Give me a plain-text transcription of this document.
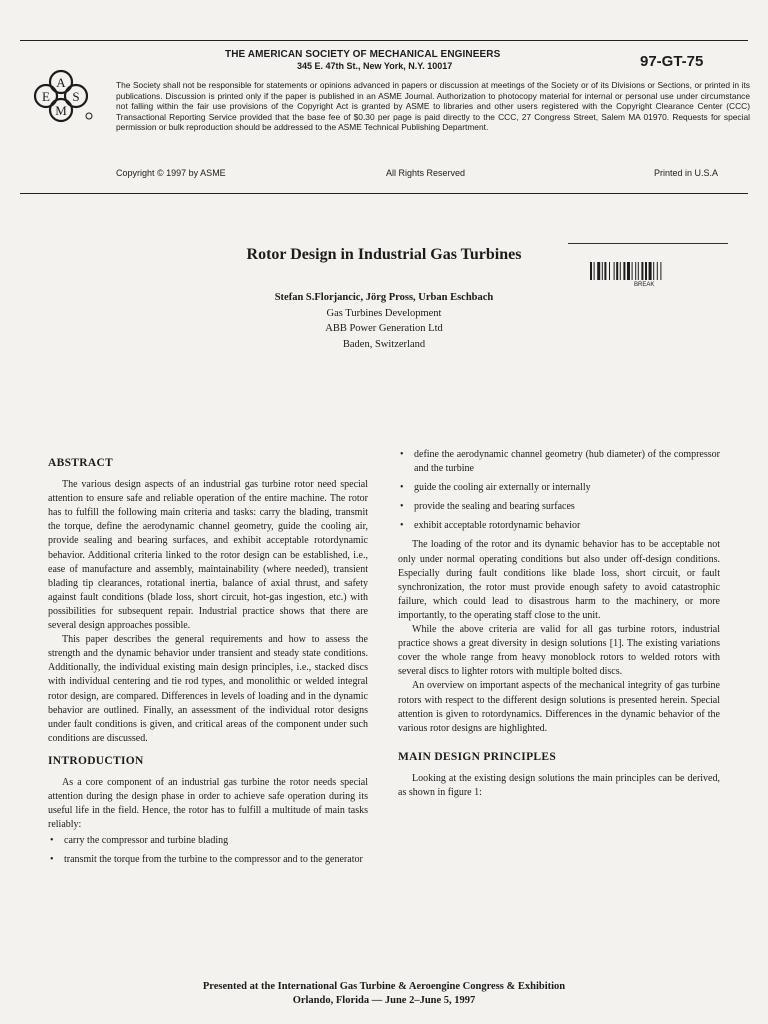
A
E S
M
THE AMERICAN SOCIETY OF MECHANICAL ENGINEERS
345 E. 47th St., New York, N.Y. 10017	97-GT-75
The Society shall not be responsible for statements or opinions advanced in papers or discussion at meetings of the Society or of its Divisions or Sections, or printed in its publications. Discussion is printed only if the paper is published in an ASME Journal. Authorization to photocopy material for internal or personal use under circumstance not falling within the fair use provisions of the Copyright Act is granted by ASME to libraries and other users registered with the Copyright Clearance Center (CCC) Transactional Reporting Service provided that the base fee of $0.30 per page is paid directly to the CCC, 27 Congress Street, Salem MA 01970. Requests for special permission or bulk reproduction should be addressed to the ASME Technical Publishing Department.
Copyright © 1997 by ASME	All Rights Reserved	Printed in U.S.A
Rotor Design in Industrial Gas Turbines
BREAK
Stefan S.Florjancic, Jörg Pross, Urban Eschbach
Gas Turbines Development
ABB Power Generation Ltd
Baden, Switzerland
ABSTRACT

The various design aspects of an industrial gas turbine rotor need special attention to ensure safe and reliable operation of the entire machine. The rotor has to fulfill the following main criteria and tasks: carry the blading, transmit the torque, define the aerodynamic channel geometry, guide the cooling air, provide sealing and bearing surfaces, and exhibit acceptable rotordynamic behavior. Additional criteria linked to the rotor design can be established, i.e., ease of manufacture and assembly, maintainability (where needed), transient blading tip clearances, rotational inertia, balance of axial thrust, and safety against fault conditions (blade loss, short circuit, hot-gas ingestion, etc.) with possibilities for subsequent repair. Industrial practice shows that there are several design approaches possible.

This paper describes the general requirements and how to assess the strength and the dynamic behavior under transient and steady state conditions. Additionally, the individual existing main design principles, i.e., stacked discs with individual centering and tie rod types, and monolithic or welded integral rotor design, are compared. Differences in levels of loading and in the dynamic behavior are outlined. Finally, an assessment of the individual rotor designs under fault conditions is given, and critical areas of the component under such conditions are discussed.

INTRODUCTION

As a core component of an industrial gas turbine the rotor needs special attention during the design phase in order to achieve safe operation during its useful life in the field. Hence, the rotor has to fulfill a multitude of main tasks reliably:

• carry the compressor and turbine blading
• transmit the torque from the turbine to the compressor and to the generator
• define the aerodynamic channel geometry (hub diameter) of the compressor and the turbine
• guide the cooling air externally or internally
• provide the sealing and bearing surfaces
• exhibit acceptable rotordynamic behavior

The loading of the rotor and its dynamic behavior has to be acceptable not only under normal operating conditions but also under off-design conditions. Especially during fault conditions like blade loss, short circuit, or fault synchronization, the rotor must provide enough safety to avoid catastrophic failure, which could lead to disastrous harm to the machinery, or more importantly, to the operating staff close to the unit.

While the above criteria are valid for all gas turbine rotors, industrial practice shows a great diversity in design solutions [1]. The existing variations cover the whole range from heavy monoblock rotors to welded rotors with several discs to lighter rotors with multiple bolted discs.

An overview on important aspects of the mechanical integrity of gas turbine rotors with respect to the different design solutions is presented herein. Special attention is given to rotordynamics. Differences in the dynamic behavior of the various rotor designs are highlighted.

MAIN DESIGN PRINCIPLES

Looking at the existing design solutions the main principles can be derived, as shown in figure 1:

Presented at the International Gas Turbine & Aeroengine Congress & Exhibition
Orlando, Florida — June 2–June 5, 1997
